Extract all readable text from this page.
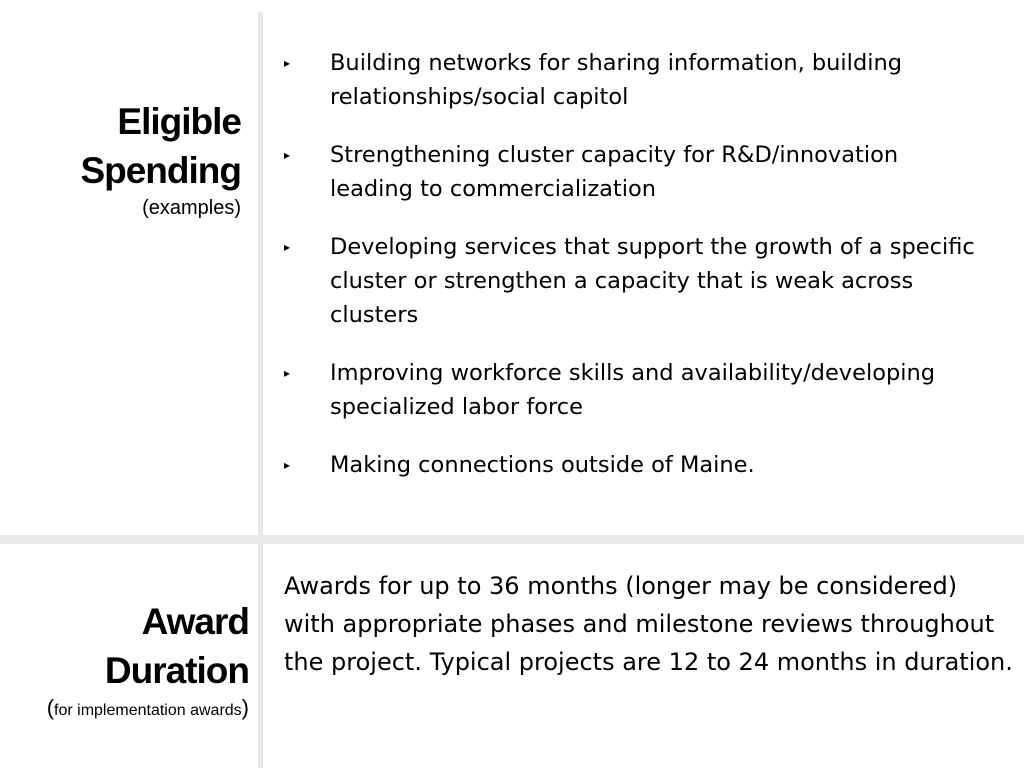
Eligible
Spending
(examples)
▸ Building networks for sharing information, building relationships/social capitol
▸ Strengthening cluster capacity for R&D/innovation leading to commercialization
▸ Developing services that support the growth of a specific cluster or strengthen a capacity that is weak across clusters
▸ Improving workforce skills and availability/developing specialized labor force
▸ Making connections outside of Maine.
Award
Duration
(for implementation awards)

Awards for up to 36 months (longer may be considered) with appropriate phases and milestone reviews throughout the project. Typical projects are 12 to 24 months in duration.
